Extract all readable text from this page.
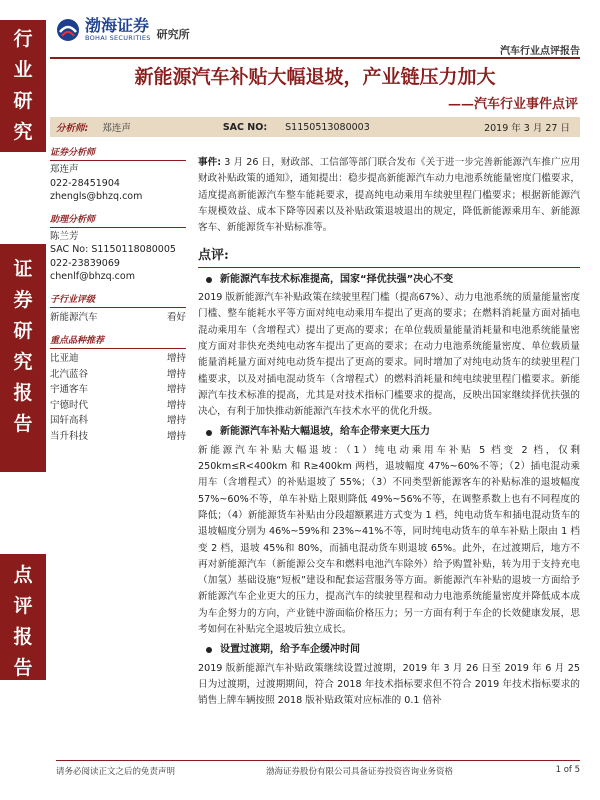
行
业
研
究
证
券
研
究
报
告
点
评
报
告
渤海证券
BOHAI SECURITIES 研究所
汽车行业点评报告
新能源汽车补贴大幅退坡，产业链压力加大
——汽车行业事件点评
分析师: 郑连声	SAC NO: S1150513080003	2019 年 3 月 27 日
证券分析师

郑连声

022-28451904

zhengls@bhzq.com

助理分析师

陈兰芳

SAC No: S1150118080005

022-23839069

chenlf@bhzq.com

子行业评级
新能源汽车	看好
重点品种推荐
比亚迪	增持
北汽蓝谷	增持
宇通客车	增持
宁德时代	增持
国轩高科	增持
当升科技	增持

事件: 3 月 26 日，财政部、工信部等部门联合发布《关于进一步完善新能源汽车推广应用财政补贴政策的通知》，通知提出：稳步提高新能源汽车动力电池系统能量密度门槛要求，适度提高新能源汽车整车能耗要求，提高纯电动乘用车续驶里程门槛要求；根据新能源汽车规模效益、成本下降等因素以及补贴政策退坡退出的规定，降低新能源乘用车、新能源客车、新能源货车补贴标准等。

点评:
新能源汽车技术标准提高，国家“择优扶强”决心不变

2019 版新能源汽车补贴政策在续驶里程门槛（提高67%）、动力电池系统的质量能量密度门槛、整车能耗水平等方面对纯电动乘用车提出了更高的要求；在燃料消耗量方面对插电混动乘用车（含增程式）提出了更高的要求；在单位载质量能量消耗量和电池系统能量密度方面对非快充类纯电动客车提出了更高的要求；在动力电池系统能量密度、单位载质量能量消耗量方面对纯电动货车提出了更高的要求。同时增加了对纯电动货车的续驶里程门槛要求，以及对插电混动货车（含增程式）的燃料消耗量和纯电续驶里程门槛要求。新能源汽车技术标准的提高，尤其是对技术指标门槛要求的提高，反映出国家继续择优扶强的决心，有利于加快推动新能源汽车技术水平的优化升级。

新能源汽车补贴大幅退坡，给车企带来更大压力

新能源汽车补贴大幅退坡：（1）纯电动乘用车补贴 5 档变 2 档，仅剩 250km≤R<400km 和 R≥400km 两档，退坡幅度 47%~60%不等；（2）插电混动乘用车（含增程式）的补贴退坡了 55%；（3）不同类型新能源客车的补贴标准的退坡幅度 57%~60%不等，单车补贴上限则降低 49%~56%不等，在调整系数上也有不同程度的降低；（4）新能源货车补贴由分段超额累进方式变为 1 档，纯电动货车和插电混动货车的退坡幅度分别为 46%~59%和 23%~41%不等，同时纯电动货车的单车补贴上限由 1 档变 2 档，退坡 45%和 80%，而插电混动货车则退坡 65%。此外，在过渡期后，地方不再对新能源汽车（新能源公交车和燃料电池汽车除外）给予购置补贴，转为用于支持充电（加氢）基础设施“短板”建设和配套运营服务等方面。新能源汽车补贴的退坡一方面给予新能源汽车企业更大的压力，提高汽车的续驶里程和动力电池系统能量密度并降低成本成为车企努力的方向，产业链中游面临价格压力；另一方面有利于车企的长效健康发展，思考如何在补贴完全退坡后独立成长。

设置过渡期，给予车企缓冲时间

2019 版新能源汽车补贴政策继续设置过渡期，2019 年 3 月 26 日至 2019 年 6 月 25 日为过渡期，过渡期期间，符合 2018 年技术指标要求但不符合 2019 年技术指标要求的销售上牌车辆按照 2018 版补贴政策对应标准的 0.1 倍补

请务必阅读正文之后的免责声明	渤海证券股份有限公司具备证券投资咨询业务资格	1 of 5
